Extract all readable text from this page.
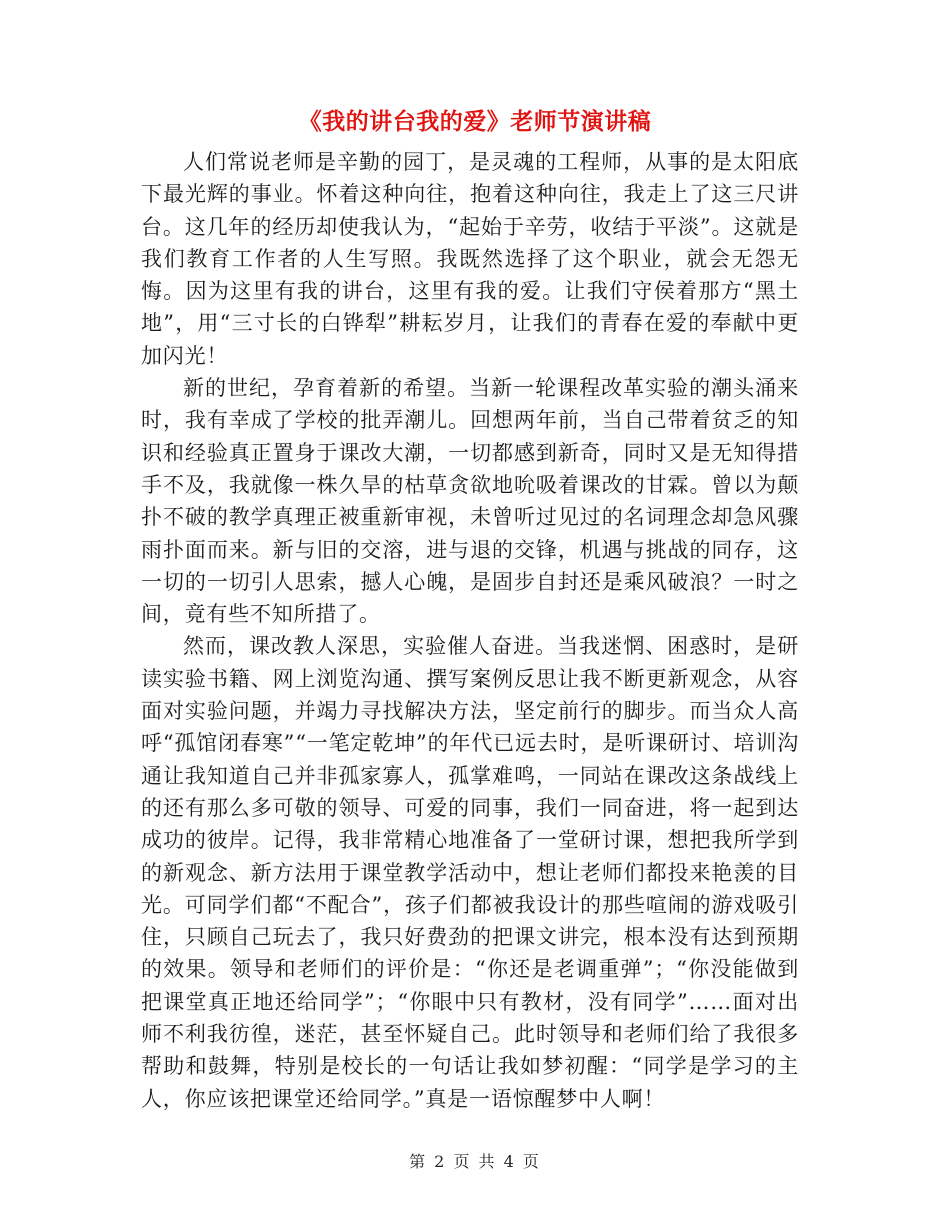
《我的讲台我的爱》老师节演讲稿

人们常说老师是辛勤的园丁，是灵魂的工程师，从事的是太阳底下最光辉的事业。怀着这种向往，抱着这种向往，我走上了这三尺讲台。这几年的经历却使我认为，“起始于辛劳，收结于平淡”。这就是我们教育工作者的人生写照。我既然选择了这个职业，就会无怨无悔。因为这里有我的讲台，这里有我的爱。让我们守侯着那方“黑土地”，用“三寸长的白铧犁”耕耘岁月，让我们的青春在爱的奉献中更加闪光！

新的世纪，孕育着新的希望。当新一轮课程改革实验的潮头涌来时，我有幸成了学校的批弄潮儿。回想两年前，当自己带着贫乏的知识和经验真正置身于课改大潮，一切都感到新奇，同时又是无知得措手不及，我就像一株久旱的枯草贪欲地吮吸着课改的甘霖。曾以为颠扑不破的教学真理正被重新审视，未曾听过见过的名词理念却急风骤雨扑面而来。新与旧的交溶，进与退的交锋，机遇与挑战的同存，这一切的一切引人思索，撼人心魄，是固步自封还是乘风破浪？一时之间，竟有些不知所措了。

然而，课改教人深思，实验催人奋进。当我迷惘、困惑时，是研读实验书籍、网上浏览沟通、撰写案例反思让我不断更新观念，从容面对实验问题，并竭力寻找解决方法，坚定前行的脚步。而当众人高呼“孤馆闭春寒”“一笔定乾坤”的年代已远去时，是听课研讨、培训沟通让我知道自己并非孤家寡人，孤掌难鸣，一同站在课改这条战线上的还有那么多可敬的领导、可爱的同事，我们一同奋进，将一起到达成功的彼岸。记得，我非常精心地准备了一堂研讨课，想把我所学到的新观念、新方法用于课堂教学活动中，想让老师们都投来艳羡的目光。可同学们都“不配合”，孩子们都被我设计的那些喧闹的游戏吸引住，只顾自己玩去了，我只好费劲的把课文讲完，根本没有达到预期的效果。领导和老师们的评价是：“你还是老调重弹”；“你没能做到把课堂真正地还给同学”；“你眼中只有教材，没有同学”……面对出师不利我彷徨，迷茫，甚至怀疑自己。此时领导和老师们给了我很多帮助和鼓舞，特别是校长的一句话让我如梦初醒：“同学是学习的主人，你应该把课堂还给同学。”真是一语惊醒梦中人啊！

第 2 页 共 4 页
